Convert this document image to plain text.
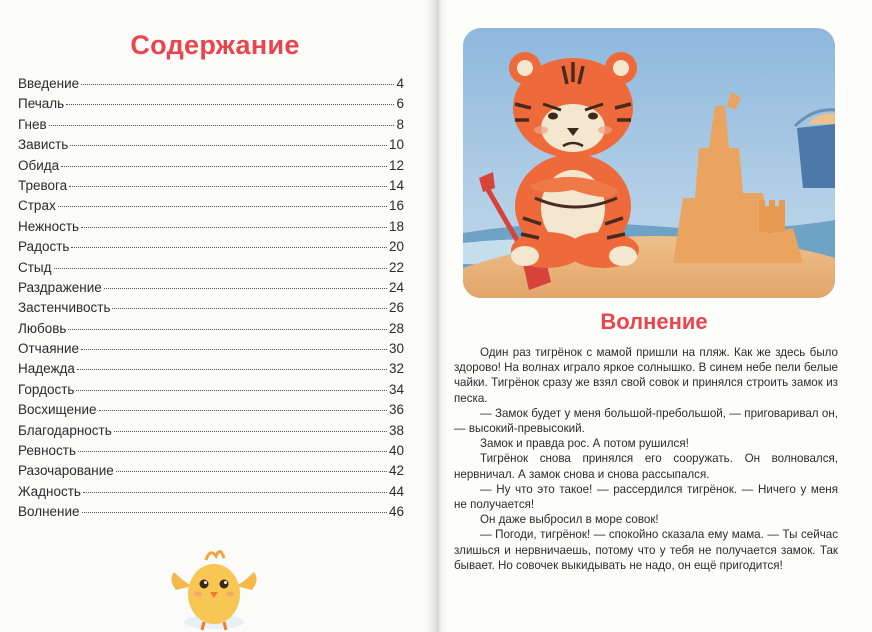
Содержание
Введение	4
Печаль	6
Гнев	8
Зависть	10
Обида	12
Тревога	14
Страх	16
Нежность	18
Радость	20
Стыд	22
Раздражение	24
Застенчивость	26
Любовь	28
Отчаяние	30
Надежда	32
Гордость	34
Восхищение	36
Благодарность	38
Ревность	40
Разочарование	42
Жадность	44
Волнение	46
Волнение

Один раз тигрёнок с мамой пришли на пляж. Как же здесь было здорово! На волнах играло яркое солнышко. В синем небе пели белые чайки. Тигрёнок сразу же взял свой совок и принялся строить замок из песка.

— Замок будет у меня большой-пребольшой, — приговаривал он, — высокий-превысокий.

Замок и правда рос. А потом рушился!

Тигрёнок снова принялся его сооружать. Он волновался, нервничал. А замок снова и снова рассыпался.

— Ну что это такое! — рассердился тигрёнок. — Ничего у меня не получается!

Он даже выбросил в море совок!

— Погоди, тигрёнок! — спокойно сказала ему мама. — Ты сейчас злишься и нервничаешь, потому что у тебя не получается замок. Так бывает. Но совочек выкидывать не надо, он ещё пригодится!
